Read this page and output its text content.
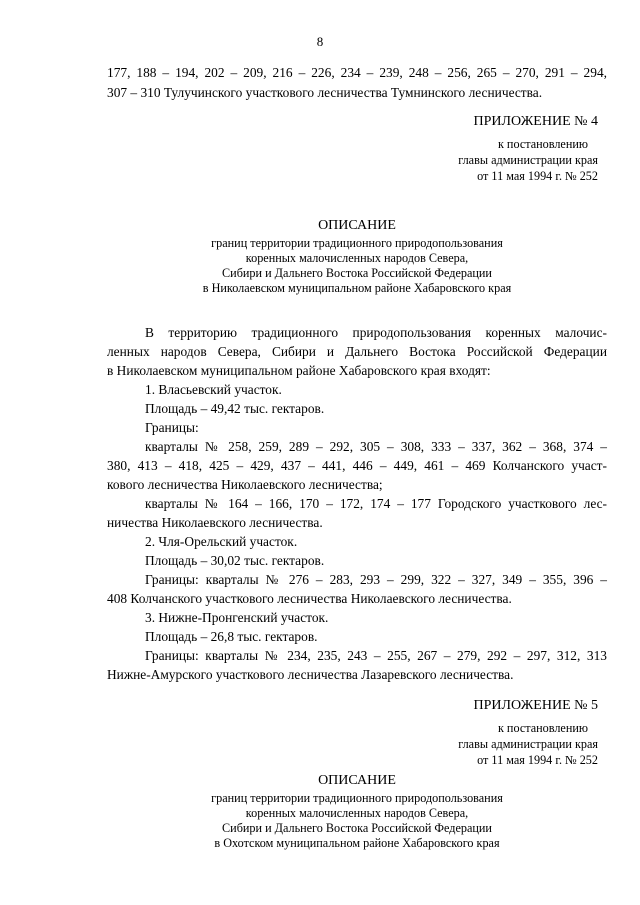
8
177, 188 – 194, 202 – 209, 216 – 226, 234 – 239, 248 – 256, 265 – 270, 291 – 294,
307 – 310 Тулучинского участкового лесничества Тумнинского лесничества.
ПРИЛОЖЕНИЕ № 4
к постановлению
главы администрации края
от 11 мая 1994 г. № 252
ОПИСАНИЕ
границ территории традиционного природопользования
коренных малочисленных народов Севера,
Сибири и Дальнего Востока Российской Федерации
в Николаевском муниципальном районе Хабаровского края
В территорию традиционного природопользования коренных малочис-
ленных народов Севера, Сибири и Дальнего Востока Российской Федерации
в Николаевском муниципальном районе Хабаровского края входят:
1. Власьевский участок.
Площадь – 49,42 тыс. гектаров.
Границы:
кварталы № 258, 259, 289 – 292, 305 – 308, 333 – 337, 362 – 368, 374 –
380, 413 – 418, 425 – 429, 437 – 441, 446 – 449, 461 – 469 Колчанского участ-
кового лесничества Николаевского лесничества;
кварталы № 164 – 166, 170 – 172, 174 – 177 Городского участкового лес-
ничества Николаевского лесничества.
2. Чля-Орельский участок.
Площадь – 30,02 тыс. гектаров.
Границы: кварталы № 276 – 283, 293 – 299, 322 – 327, 349 – 355, 396 –
408 Колчанского участкового лесничества Николаевского лесничества.
3. Нижне-Пронгенский участок.
Площадь – 26,8 тыс. гектаров.
Границы: кварталы № 234, 235, 243 – 255, 267 – 279, 292 – 297, 312, 313
Нижне-Амурского участкового лесничества Лазаревского лесничества.
ПРИЛОЖЕНИЕ № 5
к постановлению
главы администрации края
от 11 мая 1994 г. № 252
ОПИСАНИЕ
границ территории традиционного природопользования
коренных малочисленных народов Севера,
Сибири и Дальнего Востока Российской Федерации
в Охотском муниципальном районе Хабаровского края
